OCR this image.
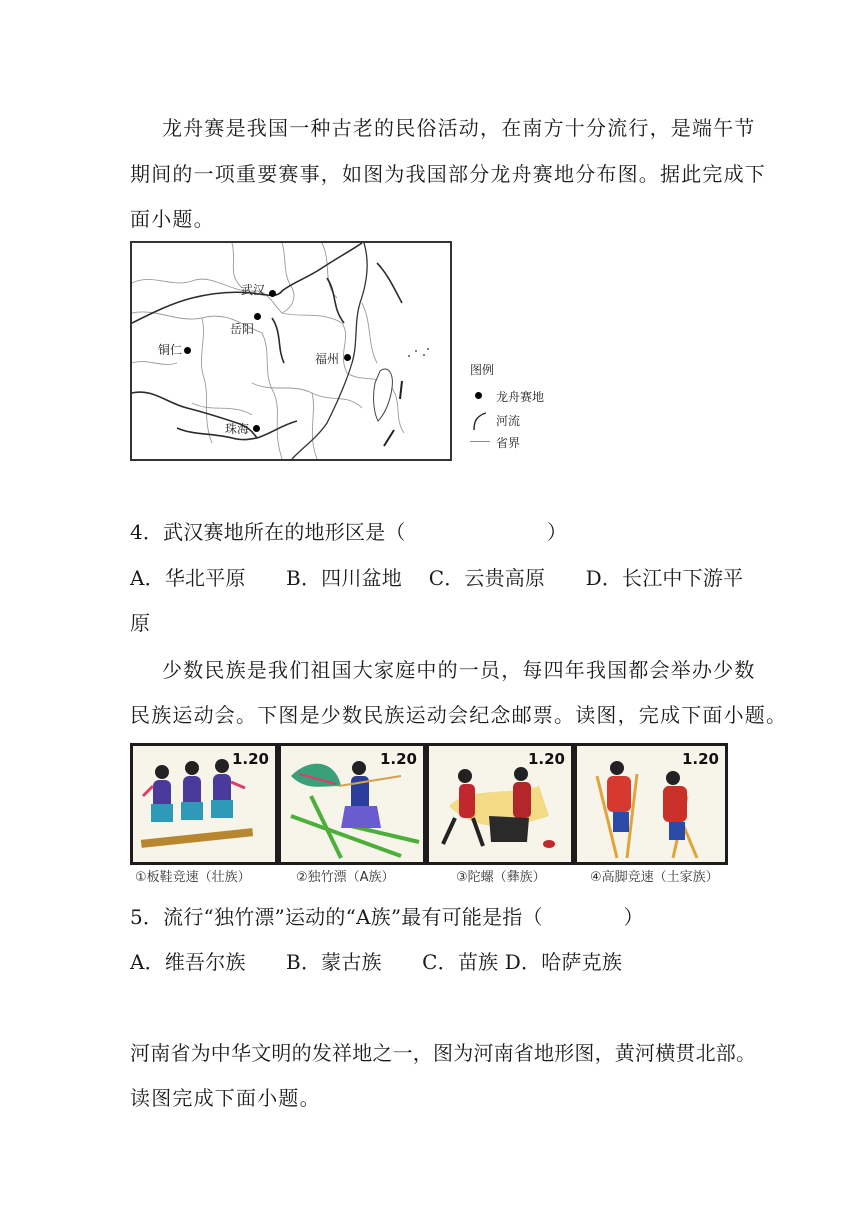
龙舟赛是我国一种古老的民俗活动，在南方十分流行，是端午节
期间的一项重要赛事，如图为我国部分龙舟赛地分布图。据此完成下
面小题。
武汉
岳阳
铜仁
福州
珠海
图例
龙舟赛地
河流
省界
4．武汉赛地所在的地形区是（　　　　　　　）
A．华北平原　　B．四川盆地　 C．云贵高原　　D．长江中下游平
原
少数民族是我们祖国大家庭中的一员，每四年我国都会举办少数
民族运动会。下图是少数民族运动会纪念邮票。读图，完成下面小题。
1.20	1.20	1.20	1.20
①板鞋竞速（壮族）	②独竹漂（A族）	③陀螺（彝族）	④高脚竞速（土家族）
5．流行“独竹漂”运动的“A族”最有可能是指（　　　　）
A．维吾尔族　　B．蒙古族　　C．苗族 D．哈萨克族
河南省为中华文明的发祥地之一，图为河南省地形图，黄河横贯北部。
读图完成下面小题。
